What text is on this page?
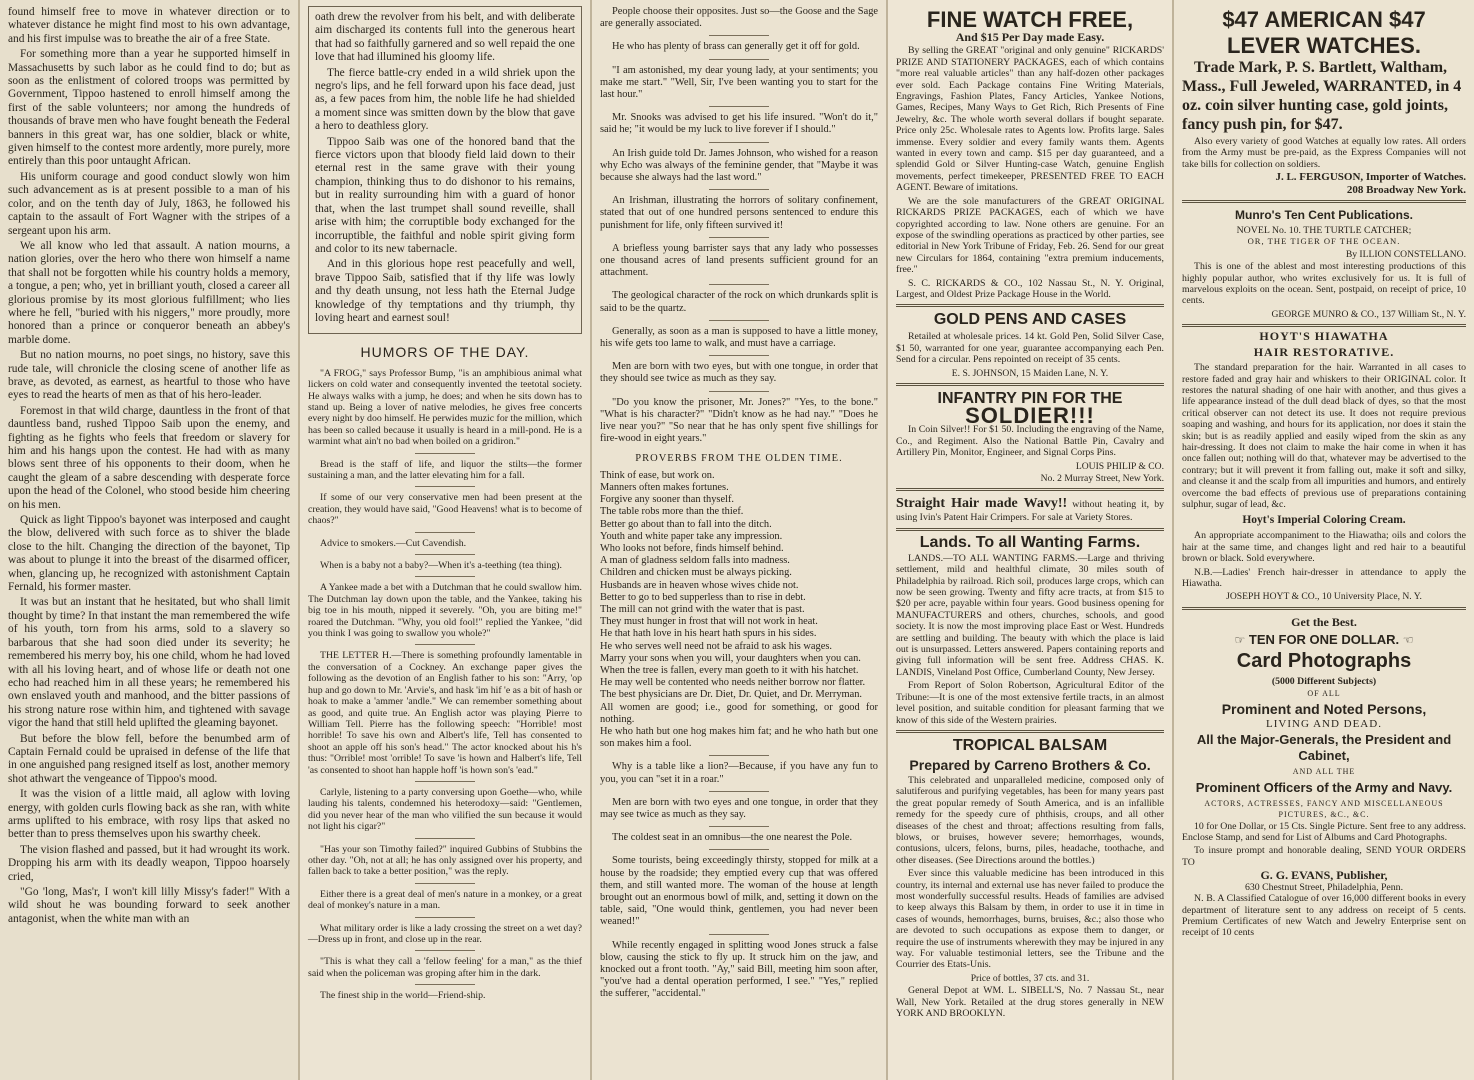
found himself free to move in whatever direction or to whatever distance he might find most to his own advantage, and his first impulse was to breathe the air of a free State.

For something more than a year he supported himself in Massachusetts by such labor as he could find to do; but as soon as the enlistment of colored troops was permitted by Government, Tippoo hastened to enroll himself among the first of the sable volunteers; nor among the hundreds of thousands of brave men who have fought beneath the Federal banners in this great war, has one soldier, black or white, given himself to the contest more ardently, more purely, more entirely than this poor untaught African.

His uniform courage and good conduct slowly won him such advancement as is at present possible to a man of his color, and on the tenth day of July, 1863, he followed his captain to the assault of Fort Wagner with the stripes of a sergeant upon his arm.

We all know who led that assault. A nation mourns, a nation glories, over the hero who there won himself a name that shall not be forgotten while his country holds a memory, a tongue, a pen; who, yet in brilliant youth, closed a career all glorious promise by its most glorious fulfillment; who lies where he fell, "buried with his niggers," more proudly, more honored than a prince or conqueror beneath an abbey's marble dome.

But no nation mourns, no poet sings, no history, save this rude tale, will chronicle the closing scene of another life as brave, as devoted, as earnest, as heartful to those who have eyes to read the hearts of men as that of his hero-leader.

Foremost in that wild charge, dauntless in the front of that dauntless band, rushed Tippoo Saib upon the enemy, and fighting as he fights who feels that freedom or slavery for him and his hangs upon the contest. He had with as many blows sent three of his opponents to their doom, when he caught the gleam of a sabre descending with desperate force upon the head of the Colonel, who stood beside him cheering on his men.

Quick as light Tippoo's bayonet was interposed and caught the blow, delivered with such force as to shiver the blade close to the hilt. Changing the direction of the bayonet, Tip was about to plunge it into the breast of the disarmed officer, when, glancing up, he recognized with astonishment Captain Fernald, his former master.

It was but an instant that he hesitated, but who shall limit thought by time? In that instant the man remembered the wife of his youth, torn from his arms, sold to a slavery so barbarous that she had soon died under its severity; he remembered his merry boy, his one child, whom he had loved with all his loving heart, and of whose life or death not one echo had reached him in all these years; he remembered his own enslaved youth and manhood, and the bitter passions of his strong nature rose within him, and tightened with savage vigor the hand that still held uplifted the gleaming bayonet.

But before the blow fell, before the benumbed arm of Captain Fernald could be upraised in defense of the life that in one anguished pang resigned itself as lost, another memory shot athwart the vengeance of Tippoo's mood.

It was the vision of a little maid, all aglow with loving energy, with golden curls flowing back as she ran, with white arms uplifted to his embrace, with rosy lips that asked no better than to press themselves upon his swarthy cheek.

The vision flashed and passed, but it had wrought its work. Dropping his arm with its deadly weapon, Tippoo hoarsely cried,

"Go 'long, Mas'r, I won't kill lilly Missy's fader!" With a wild shout he was bounding forward to seek another antagonist, when the white man with an

oath drew the revolver from his belt, and with deliberate aim discharged its contents full into the generous heart that had so faithfully garnered and so well repaid the one love that had illumined his gloomy life.

The fierce battle-cry ended in a wild shriek upon the negro's lips, and he fell forward upon his face dead, just as, a few paces from him, the noble life he had shielded a moment since was smitten down by the blow that gave a hero to deathless glory.

Tippoo Saib was one of the honored band that the fierce victors upon that bloody field laid down to their eternal rest in the same grave with their young champion, thinking thus to do dishonor to his remains, but in reality surrounding him with a guard of honor that, when the last trumpet shall sound reveille, shall arise with him; the corruptible body exchanged for the incorruptible, the faithful and noble spirit giving form and color to its new tabernacle.

And in this glorious hope rest peacefully and well, brave Tippoo Saib, satisfied that if thy life was lowly and thy death unsung, not less hath the Eternal Judge knowledge of thy temptations and thy triumph, thy loving heart and earnest soul!

HUMORS OF THE DAY.

"A FROG," says Professor Bump, "is an amphibious animal what lickers on cold water and consequently invented the teetotal society. He always walks with a jump, he does; and when he sits down has to stand up. Being a lover of native melodies, he gives free concerts every night by doo himself. He perwides muzic for the million, which has been so called because it usually is heard in a mill-pond. He is a warmint what ain't no bad when boiled on a gridiron."

Bread is the staff of life, and liquor the stilts—the former sustaining a man, and the latter elevating him for a fall.

If some of our very conservative men had been present at the creation, they would have said, "Good Heavens! what is to become of chaos?"

Advice to smokers.—Cut Cavendish.

When is a baby not a baby?—When it's a-teething (tea thing).

A Yankee made a bet with a Dutchman that he could swallow him. The Dutchman lay down upon the table, and the Yankee, taking his big toe in his mouth, nipped it severely. "Oh, you are biting me!" roared the Dutchman. "Why, you old fool!" replied the Yankee, "did you think I was going to swallow you whole?"

THE LETTER H.—There is something profoundly lamentable in the conversation of a Cockney. An exchange paper gives the following as the devotion of an English father to his son: "Arry, 'op hup and go down to Mr. 'Arvie's, and hask 'im hif 'e as a bit of hash or hoak to make a 'ammer 'andle." We can remember something about as good, and quite true. An English actor was playing Pierre to William Tell. Pierre has the following speech: "Horrible! most horrible! To save his own and Albert's life, Tell has consented to shoot an apple off his son's head." The actor knocked about his h's thus: "Orrible! most 'orrible! To save 'is hown and Halbert's life, Tell 'as consented to shoot han happle hoff 'is hown son's 'ead."

Carlyle, listening to a party conversing upon Goethe—who, while lauding his talents, condemned his heterodoxy—said: "Gentlemen, did you never hear of the man who vilified the sun because it would not light his cigar?"

"Has your son Timothy failed?" inquired Gubbins of Stubbins the other day. "Oh, not at all; he has only assigned over his property, and fallen back to take a better position," was the reply.

Either there is a great deal of men's nature in a monkey, or a great deal of monkey's nature in a man.

What military order is like a lady crossing the street on a wet day?—Dress up in front, and close up in the rear.

"This is what they call a 'fellow feeling' for a man," as the thief said when the policeman was groping after him in the dark.

The finest ship in the world—Friend-ship.

People choose their opposites. Just so—the Goose and the Sage are generally associated.

He who has plenty of brass can generally get it off for gold.

"I am astonished, my dear young lady, at your sentiments; you make me start." "Well, Sir, I've been wanting you to start for the last hour."

Mr. Snooks was advised to get his life insured. "Won't do it," said he; "it would be my luck to live forever if I should."

An Irish guide told Dr. James Johnson, who wished for a reason why Echo was always of the feminine gender, that "Maybe it was because she always had the last word."

An Irishman, illustrating the horrors of solitary confinement, stated that out of one hundred persons sentenced to endure this punishment for life, only fifteen survived it!

A briefless young barrister says that any lady who possesses one thousand acres of land presents sufficient ground for an attachment.

The geological character of the rock on which drunkards split is said to be the quartz.

Generally, as soon as a man is supposed to have a little money, his wife gets too lame to walk, and must have a carriage.

Men are born with two eyes, but with one tongue, in order that they should see twice as much as they say.

"Do you know the prisoner, Mr. Jones?" "Yes, to the bone." "What is his character?" "Didn't know as he had nay." "Does he live near you?" "So near that he has only spent five shillings for fire-wood in eight years."

PROVERBS FROM THE OLDEN TIME.

Think of ease, but work on.

Manners often makes fortunes.

Forgive any sooner than thyself.

The table robs more than the thief.

Better go about than to fall into the ditch.

Youth and white paper take any impression.

Who looks not before, finds himself behind.

A man of gladness seldom falls into madness.

Children and chicken must be always picking.

Husbands are in heaven whose wives chide not.

Better to go to bed supperless than to rise in debt.

The mill can not grind with the water that is past.

They must hunger in frost that will not work in heat.

He that hath love in his heart hath spurs in his sides.

He who serves well need not be afraid to ask his wages.

Marry your sons when you will, your daughters when you can.

When the tree is fallen, every man goeth to it with his hatchet.

He may well be contented who needs neither borrow nor flatter.

The best physicians are Dr. Diet, Dr. Quiet, and Dr. Merryman.

All women are good; i.e., good for something, or good for nothing.

He who hath but one hog makes him fat; and he who hath but one son makes him a fool.

Why is a table like a lion?—Because, if you have any fun to you, you can "set it in a roar."

Men are born with two eyes and one tongue, in order that they may see twice as much as they say.

The coldest seat in an omnibus—the one nearest the Pole.

Some tourists, being exceedingly thirsty, stopped for milk at a house by the roadside; they emptied every cup that was offered them, and still wanted more. The woman of the house at length brought out an enormous bowl of milk, and, setting it down on the table, said, "One would think, gentlemen, you had never been weaned!"

While recently engaged in splitting wood Jones struck a false blow, causing the stick to fly up. It struck him on the jaw, and knocked out a front tooth. "Ay," said Bill, meeting him soon after, "you've had a dental operation performed, I see." "Yes," replied the sufferer, "accidental."

FINE WATCH FREE,
And $15 Per Day made Easy.

By selling the GREAT "original and only genuine" RICKARDS' PRIZE AND STATIONERY PACKAGES, each of which contains "more real valuable articles" than any half-dozen other packages ever sold. Each Package contains Fine Writing Materials, Engravings, Fashion Plates, Fancy Articles, Yankee Notions, Games, Recipes, Many Ways to Get Rich, Rich Presents of Fine Jewelry, &c. The whole worth several dollars if bought separate. Price only 25c. Wholesale rates to Agents low. Profits large. Sales immense. Every soldier and every family wants them. Agents wanted in every town and camp. $15 per day guaranteed, and a splendid Gold or Silver Hunting-case Watch, genuine English movements, perfect timekeeper, PRESENTED FREE TO EACH AGENT. Beware of imitations.

We are the sole manufacturers of the GREAT ORIGINAL RICKARDS PRIZE PACKAGES, each of which we have copyrighted according to law. None others are genuine. For an expose of the swindling operations as practiced by other parties, see editorial in New York Tribune of Friday, Feb. 26. Send for our great new Circulars for 1864, containing "extra premium inducements, free."

S. C. RICKARDS & CO., 102 Nassau St., N. Y. Original, Largest, and Oldest Prize Package House in the World.

GOLD PENS AND CASES

Retailed at wholesale prices. 14 kt. Gold Pen, Solid Silver Case, $1 50, warranted for one year, guarantee accompanying each Pen. Send for a circular. Pens repointed on receipt of 35 cents.

E. S. JOHNSON, 15 Maiden Lane, N. Y.
INFANTRY PIN FOR THE
SOLDIER!!!

In Coin Silver!! For $1 50. Including the engraving of the Name, Co., and Regiment. Also the National Battle Pin, Cavalry and Artillery Pin, Monitor, Engineer, and Signal Corps Pins.

LOUIS PHILIP & CO.
No. 2 Murray Street, New York.

Straight Hair made Wavy!! without heating it, by using Ivin's Patent Hair Crimpers. For sale at Variety Stores.

Lands. To all Wanting Farms.

LANDS.—TO ALL WANTING FARMS.—Large and thriving settlement, mild and healthful climate, 30 miles south of Philadelphia by railroad. Rich soil, produces large crops, which can now be seen growing. Twenty and fifty acre tracts, at from $15 to $20 per acre, payable within four years. Good business opening for MANUFACTURERS and others, churches, schools, and good society. It is now the most improving place East or West. Hundreds are settling and building. The beauty with which the place is laid out is unsurpassed. Letters answered. Papers containing reports and giving full information will be sent free. Address CHAS. K. LANDIS, Vineland Post Office, Cumberland County, New Jersey.

From Report of Solon Robertson, Agricultural Editor of the Tribune:—It is one of the most extensive fertile tracts, in an almost level position, and suitable condition for pleasant farming that we know of this side of the Western prairies.

TROPICAL BALSAM
Prepared by Carreno Brothers & Co.

This celebrated and unparalleled medicine, composed only of salutiferous and purifying vegetables, has been for many years past the great popular remedy of South America, and is an infallible remedy for the speedy cure of phthisis, croups, and all other diseases of the chest and throat; affections resulting from falls, blows, or bruises, however severe; hemorrhages, wounds, contusions, ulcers, felons, burns, piles, headache, toothache, and other diseases. (See Directions around the bottles.)

Ever since this valuable medicine has been introduced in this country, its internal and external use has never failed to produce the most wonderfully successful results. Heads of families are advised to keep always this Balsam by them, in order to use it in time in cases of wounds, hemorrhages, burns, bruises, &c.; also those who are devoted to such occupations as expose them to danger, or require the use of instruments wherewith they may be injured in any way. For valuable testimonial letters, see the Tribune and the Courrier des Etats-Unis.

Price of bottles, 37 cts. and 31.

General Depot at WM. L. SIBELL'S, No. 7 Nassau St., near Wall, New York. Retailed at the drug stores generally in NEW YORK AND BROOKLYN.

$47 AMERICAN $47
LEVER WATCHES.

Trade Mark, P. S. Bartlett, Waltham, Mass., Full Jeweled, WARRANTED, in 4 oz. coin silver hunting case, gold joints, fancy push pin, for $47.

Also every variety of good Watches at equally low rates. All orders from the Army must be pre-paid, as the Express Companies will not take bills for collection on soldiers.

J. L. FERGUSON, Importer of Watches.
208 Broadway New York.
Munro's Ten Cent Publications.
NOVEL No. 10. THE TURTLE CATCHER;
OR, THE TIGER OF THE OCEAN.
By ILLION CONSTELLANO.

This is one of the ablest and most interesting productions of this highly popular author, who writes exclusively for us. It is full of marvelous exploits on the ocean. Sent, postpaid, on receipt of price, 10 cents.

GEORGE MUNRO & CO., 137 William St., N. Y.
HOYT'S HIAWATHA
HAIR RESTORATIVE.

The standard preparation for the hair. Warranted in all cases to restore faded and gray hair and whiskers to their ORIGINAL color. It restores the natural shading of one hair with another, and thus gives a life appearance instead of the dull dead black of dyes, so that the most critical observer can not detect its use. It does not require previous soaping and washing, and hours for its application, nor does it stain the skin; but is as readily applied and easily wiped from the skin as any hair-dressing. It does not claim to make the hair come in when it has once fallen out; nothing will do that, whatever may be advertised to the contrary; but it will prevent it from falling out, make it soft and silky, and cleanse it and the scalp from all impurities and humors, and entirely overcome the bad effects of previous use of preparations containing sulphur, sugar of lead, &c.

Hoyt's Imperial Coloring Cream.

An appropriate accompaniment to the Hiawatha; oils and colors the hair at the same time, and changes light and red hair to a beautiful brown or black. Sold everywhere.

N.B.—Ladies' French hair-dresser in attendance to apply the Hiawatha.

JOSEPH HOYT & CO., 10 University Place, N. Y.
Get the Best.
☞ TEN FOR ONE DOLLAR. ☜
Card Photographs
(5000 Different Subjects)
OF ALL
Prominent and Noted Persons,
LIVING AND DEAD.
All the Major-Generals, the President and Cabinet,
AND ALL THE
Prominent Officers of the Army and Navy.
ACTORS, ACTRESSES, FANCY AND MISCELLANEOUS PICTURES, &C., &C.

10 for One Dollar, or 15 Cts. Single Picture. Sent free to any address. Enclose Stamp, and send for List of Albums and Card Photographs.

To insure prompt and honorable dealing, SEND YOUR ORDERS TO

G. G. EVANS, Publisher,
630 Chestnut Street, Philadelphia, Penn.

N. B. A Classified Catalogue of over 16,000 different books in every department of literature sent to any address on receipt of 5 cents. Premium Certificates of new Watch and Jewelry Enterprise sent on receipt of 10 cents
